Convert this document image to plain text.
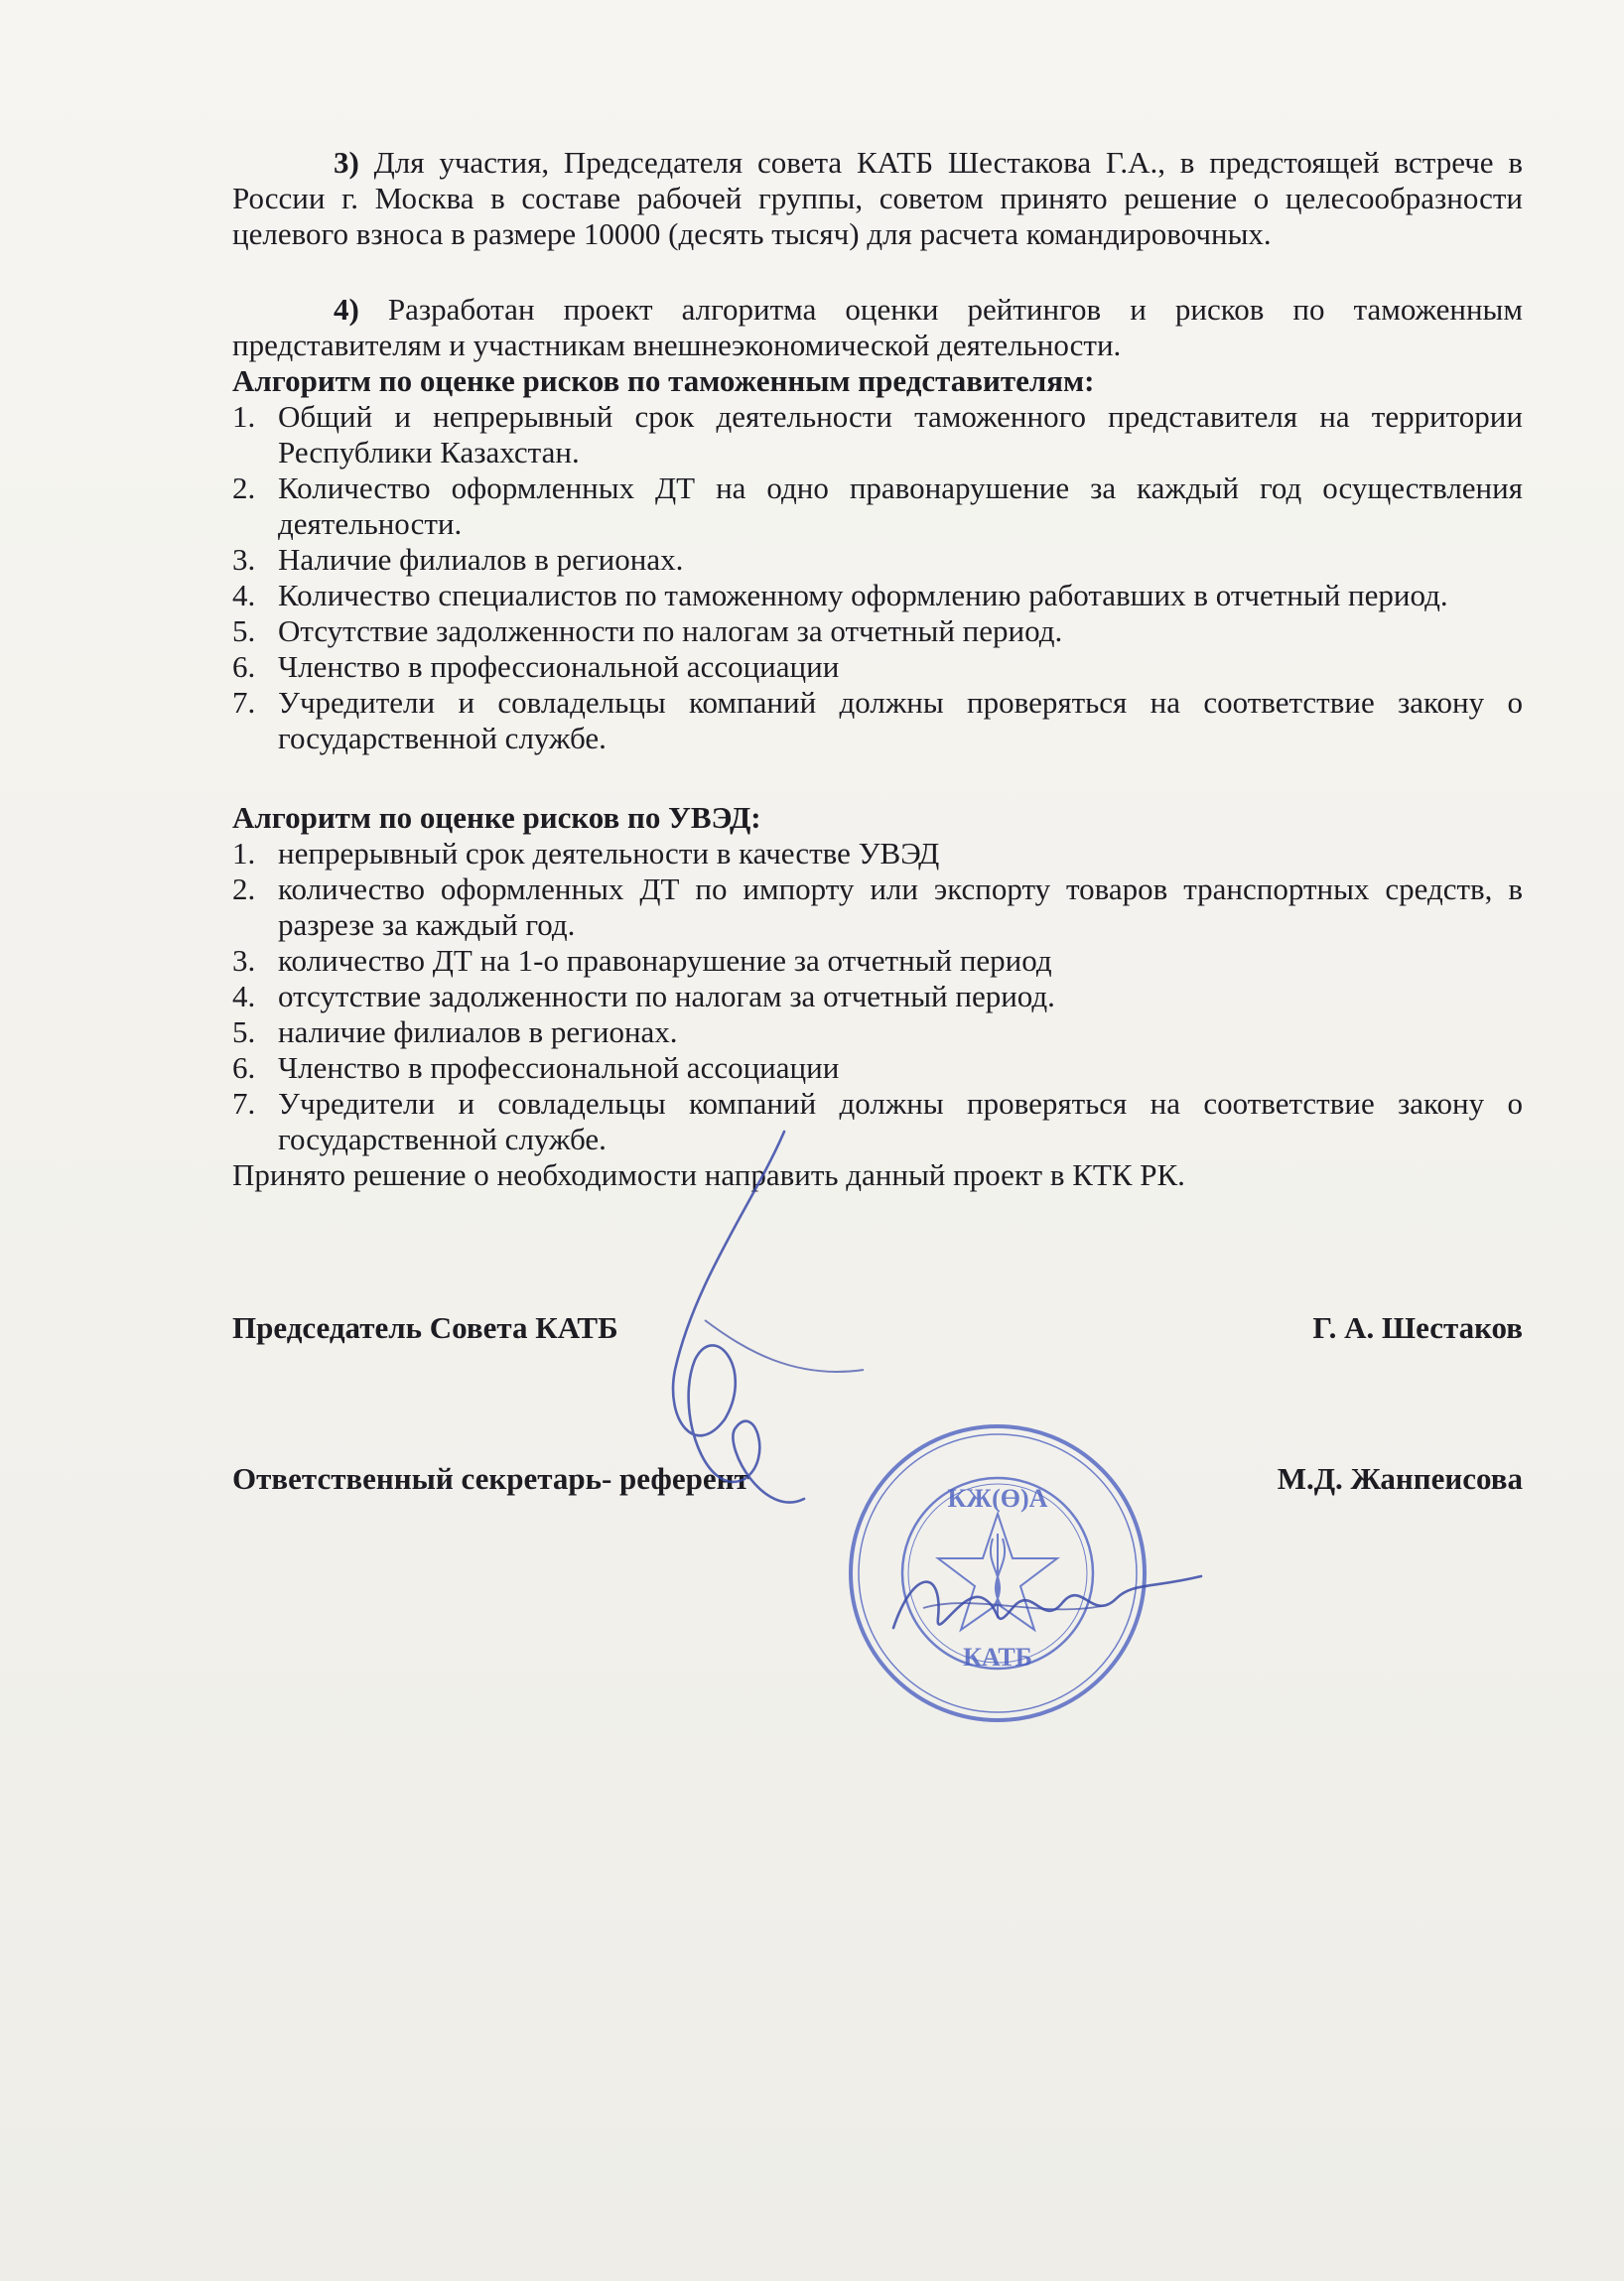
3) Для участия, Председателя совета КАТБ Шестакова Г.А., в предстоящей встрече в России г. Москва в составе рабочей группы, советом принято решение о целесообразности целевого взноса в размере 10000 (десять тысяч) для расчета командировочных.

4) Разработан проект алгоритма оценки рейтингов и рисков по таможенным представителям и участникам внешнеэкономической деятельности.

Алгоритм по оценке рисков по таможенным представителям:

1. Общий и непрерывный срок деятельности таможенного представителя на территории Республики Казахстан.
2. Количество оформленных ДТ на одно правонарушение за каждый год осуществления деятельности.
3. Наличие филиалов в регионах.
4. Количество специалистов по таможенному оформлению работавших в отчетный период.
5. Отсутствие задолженности по налогам за отчетный период.
6. Членство в профессиональной ассоциации
7. Учредители и совладельцы компаний должны проверяться на соответствие закону о государственной службе.

Алгоритм по оценке рисков по УВЭД:

1. непрерывный срок деятельности в качестве УВЭД
2. количество оформленных ДТ по импорту или экспорту товаров транспортных средств, в разрезе за каждый год.
3. количество ДТ на 1-о правонарушение за отчетный период
4. отсутствие задолженности по налогам за отчетный период.
5. наличие филиалов в регионах.
6. Членство в профессиональной ассоциации
7. Учредители и совладельцы компаний должны проверяться на соответствие закону о государственной службе.

Принято решение о необходимости направить данный проект в КТК РК.

Председатель Совета КАТБ	Г. А. Шестаков
Ответственный секретарь- референт	М.Д. Жанпеисова
КЖ(Ө)А
КАТБ
